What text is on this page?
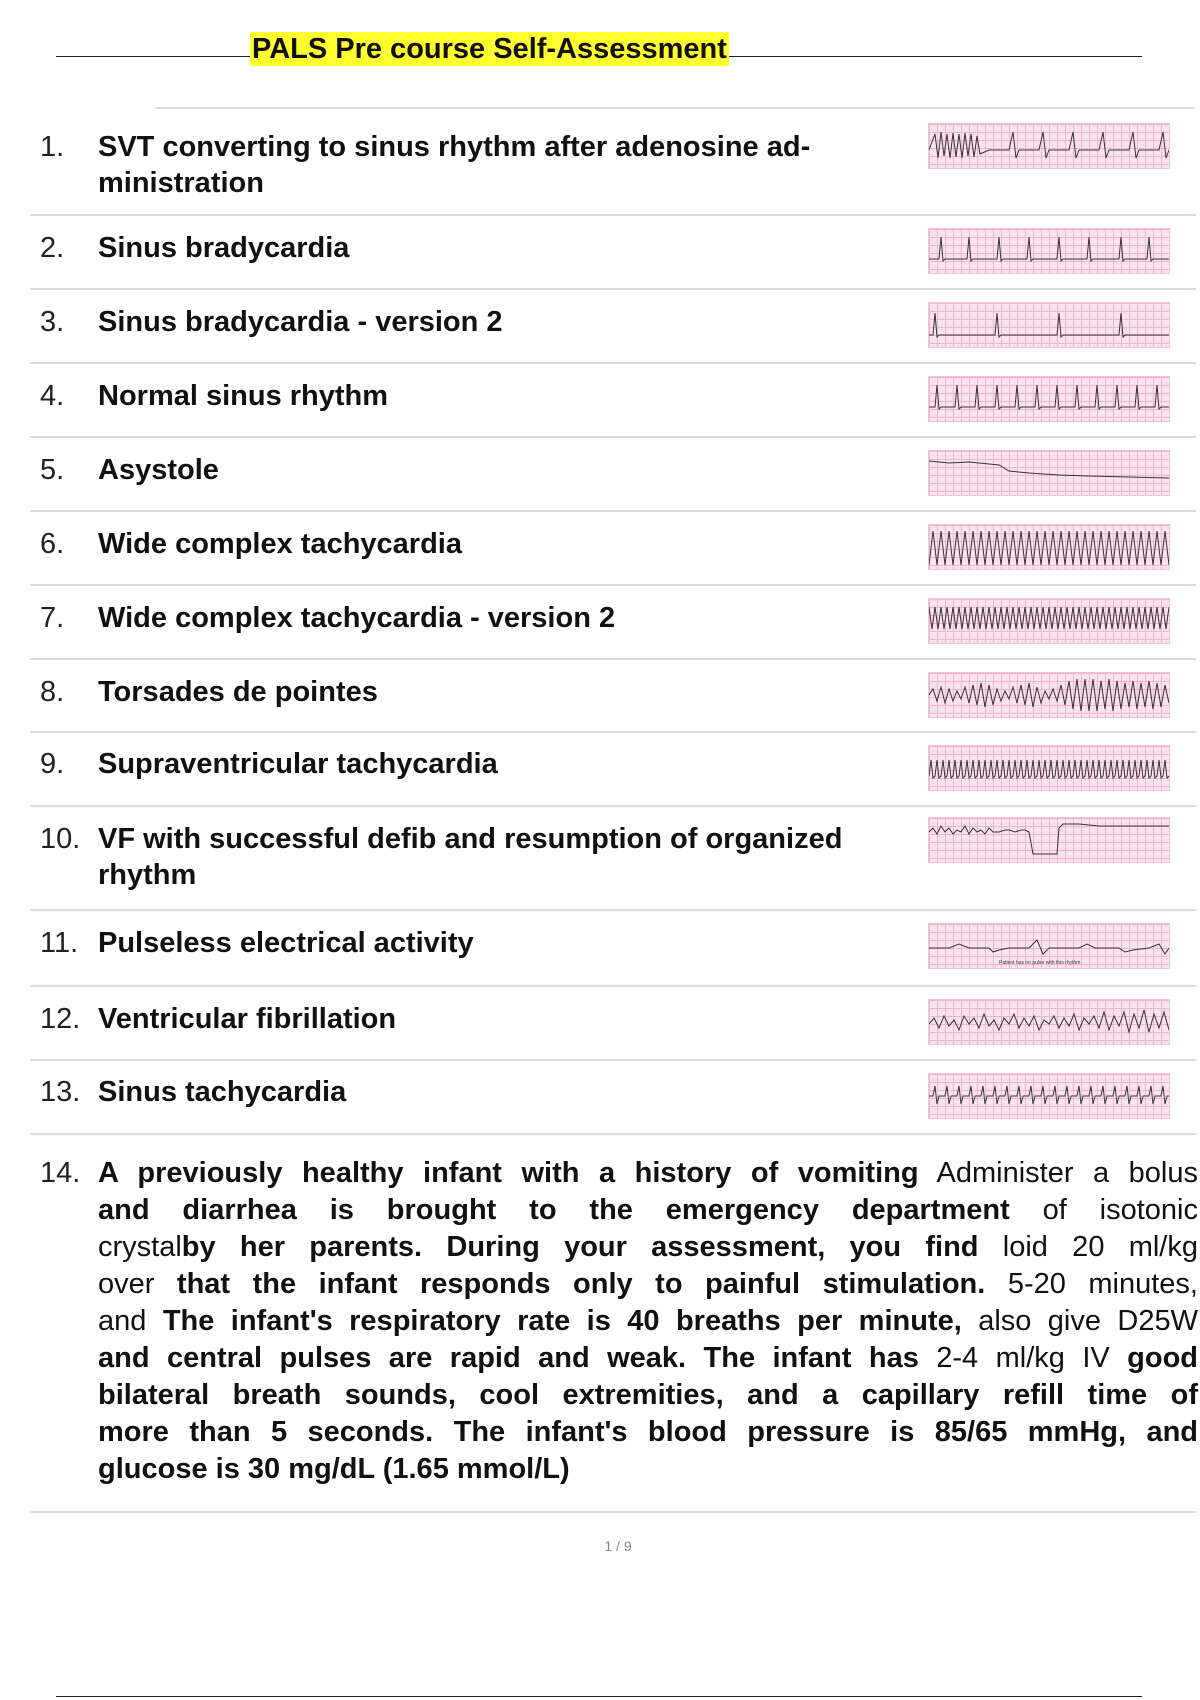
PALS Pre course Self-Assessment
1. SVT converting to sinus rhythm after adenosine ad-
ministration
2. Sinus bradycardia
3. Sinus bradycardia - version 2
4. Normal sinus rhythm
5. Asystole
6. Wide complex tachycardia
7. Wide complex tachycardia - version 2
8. Torsades de pointes
9. Supraventricular tachycardia
10. VF with successful defib and resumption of organized
rhythm
11. Pulseless electrical activity
Patient has no pulse with this rhythm
12. Ventricular fibrillation
13. Sinus tachycardia
14. A previously healthy infant with a history of vomiting Administer a bolus
and diarrhea is brought to the emergency department of isotonic
crystalby her parents. During your assessment, you find loid 20 ml/kg
over that the infant responds only to painful stimulation. 5-20 minutes,
and The infant's respiratory rate is 40 breaths per minute, also give D25W
and central pulses are rapid and weak. The infant has 2-4 ml/kg IV good
bilateral breath sounds, cool extremities, and a capillary refill time of
more than 5 seconds. The infant's blood pressure is 85/65 mmHg, and
glucose is 30 mg/dL (1.65 mmol/L)
1 / 9
